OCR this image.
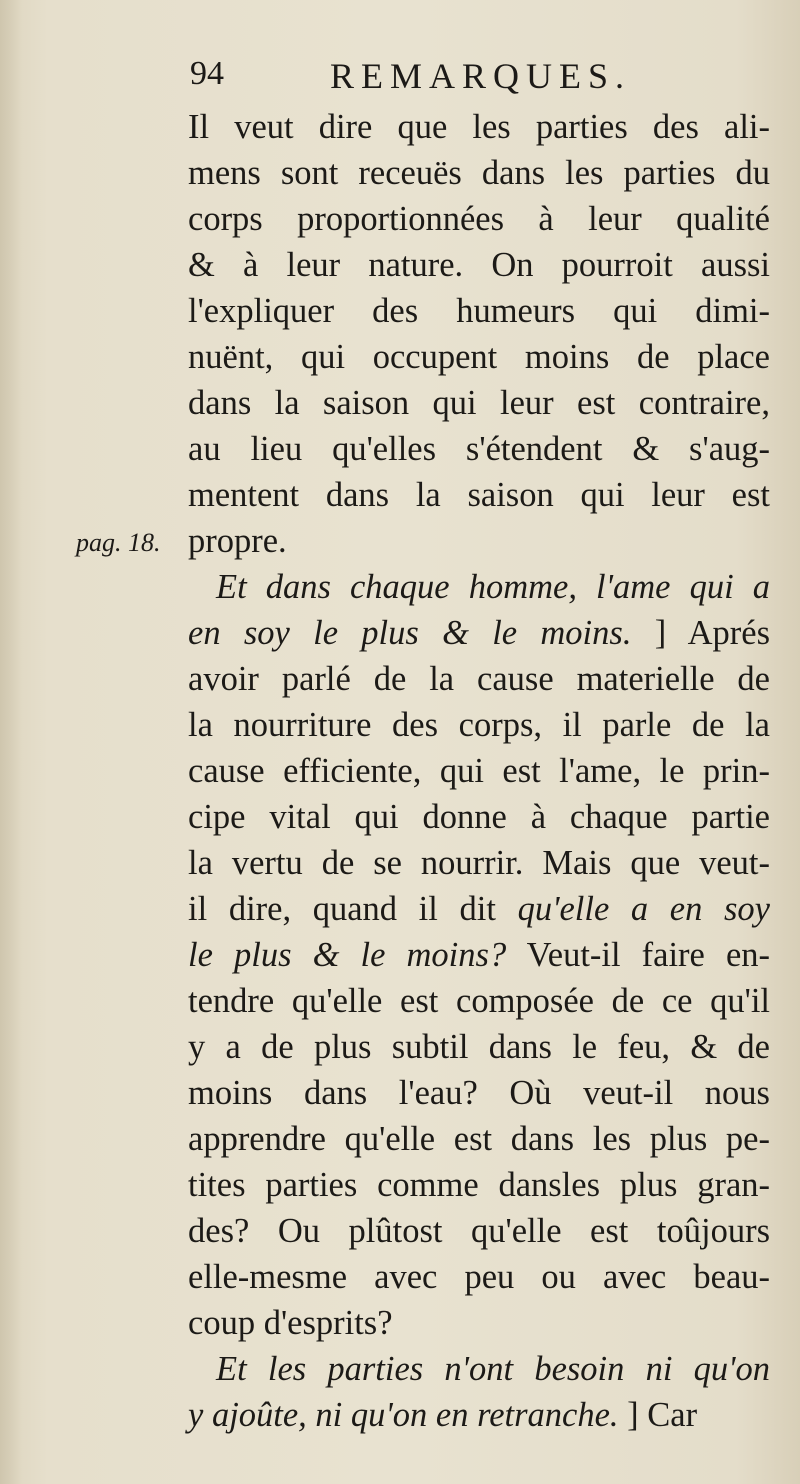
94	REMARQUES.
pag. 18.
Il veut dire que les parties des ali-
mens sont receuës dans les parties du
corps proportionnées à leur qualité
& à leur nature. On pourroit aussi
l'expliquer des humeurs qui dimi-
nuënt, qui occupent moins de place
dans la saison qui leur est contraire,
au lieu qu'elles s'étendent & s'aug-
mentent dans la saison qui leur est
propre.
Et dans chaque homme, l'ame qui a
en soy le plus & le moins. ] Aprés
avoir parlé de la cause materielle de
la nourriture des corps, il parle de la
cause efficiente, qui est l'ame, le prin-
cipe vital qui donne à chaque partie
la vertu de se nourrir. Mais que veut-
il dire, quand il dit qu'elle a en soy
le plus & le moins? Veut-il faire en-
tendre qu'elle est composée de ce qu'il
y a de plus subtil dans le feu, & de
moins dans l'eau? Où veut-il nous
apprendre qu'elle est dans les plus pe-
tites parties comme dansles plus gran-
des? Ou plûtost qu'elle est toûjours
elle-mesme avec peu ou avec beau-
coup d'esprits?
Et les parties n'ont besoin ni qu'on
y ajoûte, ni qu'on en retranche. ] Car
